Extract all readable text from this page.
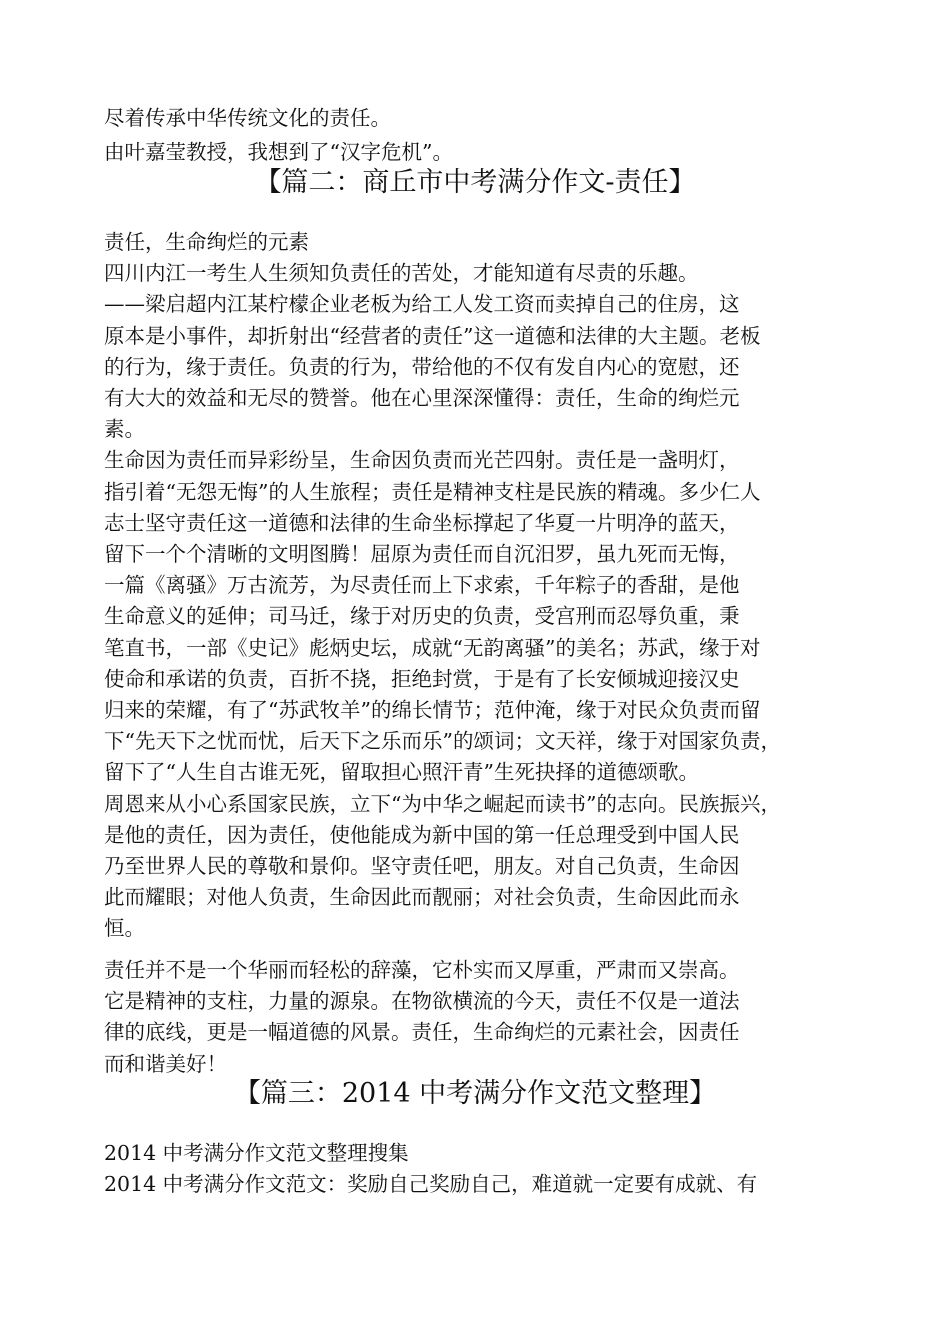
尽着传承中华传统文化的责任。
由叶嘉莹教授，我想到了“汉字危机”。
【篇二：商丘市中考满分作文-责任】
责任，生命绚烂的元素
四川内江一考生人生须知负责任的苦处，才能知道有尽责的乐趣。
——梁启超内江某柠檬企业老板为给工人发工资而卖掉自己的住房，这
原本是小事件，却折射出“经营者的责任”这一道德和法律的大主题。老板
的行为，缘于责任。负责的行为，带给他的不仅有发自内心的宽慰，还
有大大的效益和无尽的赞誉。他在心里深深懂得：责任，生命的绚烂元
素。
生命因为责任而异彩纷呈，生命因负责而光芒四射。责任是一盏明灯，
指引着“无怨无悔”的人生旅程；责任是精神支柱是民族的精魂。多少仁人
志士坚守责任这一道德和法律的生命坐标撑起了华夏一片明净的蓝天，
留下一个个清晰的文明图腾！屈原为责任而自沉汨罗，虽九死而无悔，
一篇《离骚》万古流芳，为尽责任而上下求索，千年粽子的香甜，是他
生命意义的延伸；司马迁，缘于对历史的负责，受宫刑而忍辱负重，秉
笔直书，一部《史记》彪炳史坛，成就“无韵离骚”的美名；苏武，缘于对
使命和承诺的负责，百折不挠，拒绝封赏，于是有了长安倾城迎接汉史
归来的荣耀，有了“苏武牧羊”的绵长情节；范仲淹，缘于对民众负责而留
下“先天下之忧而忧，后天下之乐而乐”的颂词；文天祥，缘于对国家负责，
留下了“人生自古谁无死，留取担心照汗青”生死抉择的道德颂歌。
周恩来从小心系国家民族，立下“为中华之崛起而读书”的志向。民族振兴，
是他的责任，因为责任，使他能成为新中国的第一任总理受到中国人民
乃至世界人民的尊敬和景仰。坚守责任吧，朋友。对自己负责，生命因
此而耀眼；对他人负责，生命因此而靓丽；对社会负责，生命因此而永
恒。
责任并不是一个华丽而轻松的辞藻，它朴实而又厚重，严肃而又崇高。
它是精神的支柱，力量的源泉。在物欲横流的今天，责任不仅是一道法
律的底线，更是一幅道德的风景。责任，生命绚烂的元素社会，因责任
而和谐美好！
【篇三：2014 中考满分作文范文整理】
2014 中考满分作文范文整理搜集
2014 中考满分作文范文：奖励自己奖励自己，难道就一定要有成就、有
